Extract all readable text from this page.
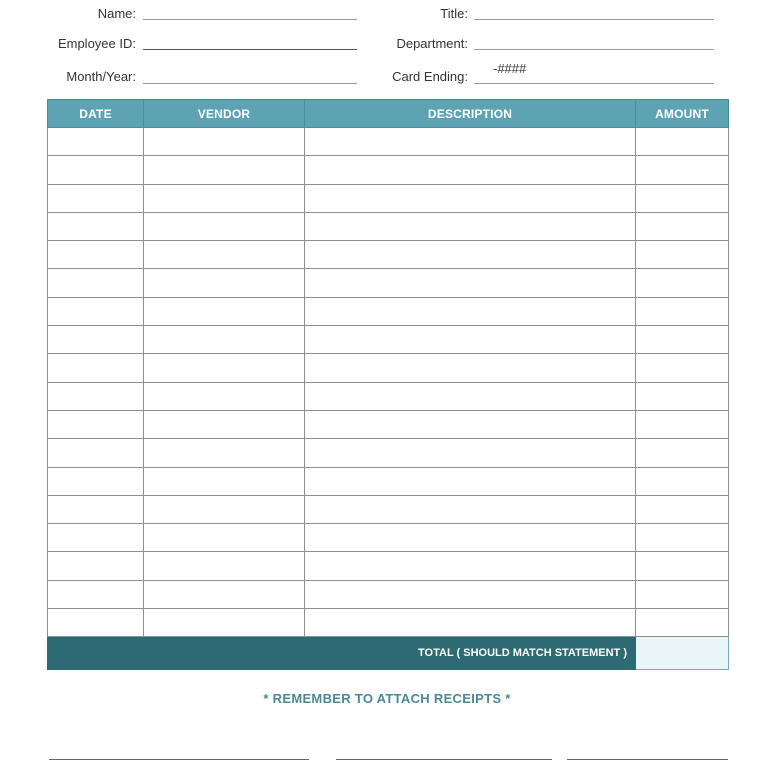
Name:	Title:
Employee ID:	Department:
Month/Year:	Card Ending:
-####
DATE	VENDOR	DESCRIPTION	AMOUNT

TOTAL ( SHOULD MATCH STATEMENT )			
* REMEMBER TO ATTACH RECEIPTS *
